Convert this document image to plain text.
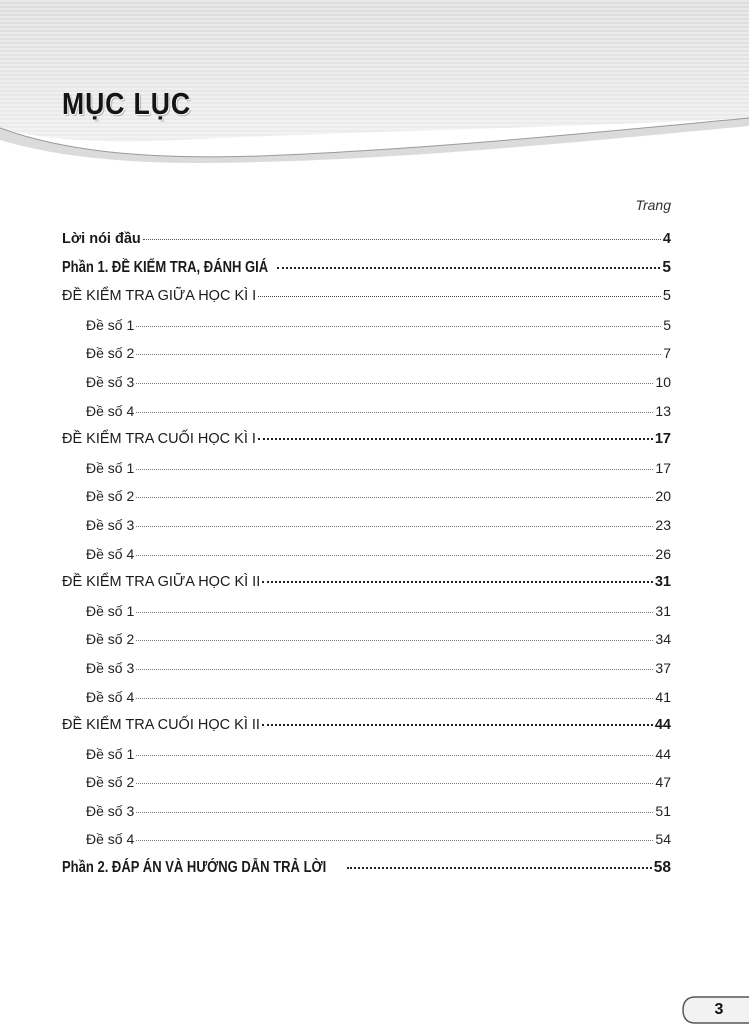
MỤC LỤC
Trang
Lời nói đầu	4
Phần 1. ĐỀ KIỂM TRA, ĐÁNH GIÁ	5
ĐỀ KIỂM TRA GIỮA HỌC KÌ I	5
Đề số 1	5
Đề số 2	7
Đề số 3	10
Đề số 4	13
ĐỀ KIỂM TRA CUỐI HỌC KÌ I	17
Đề số 1	17
Đề số 2	20
Đề số 3	23
Đề số 4	26
ĐỀ KIỂM TRA GIỮA HỌC KÌ II	31
Đề số 1	31
Đề số 2	34
Đề số 3	37
Đề số 4	41
ĐỀ KIỂM TRA CUỐI HỌC KÌ II	44
Đề số 1	44
Đề số 2	47
Đề số 3	51
Đề số 4	54
Phần 2. ĐÁP ÁN VÀ HƯỚNG DẪN TRẢ LỜI	58
3
